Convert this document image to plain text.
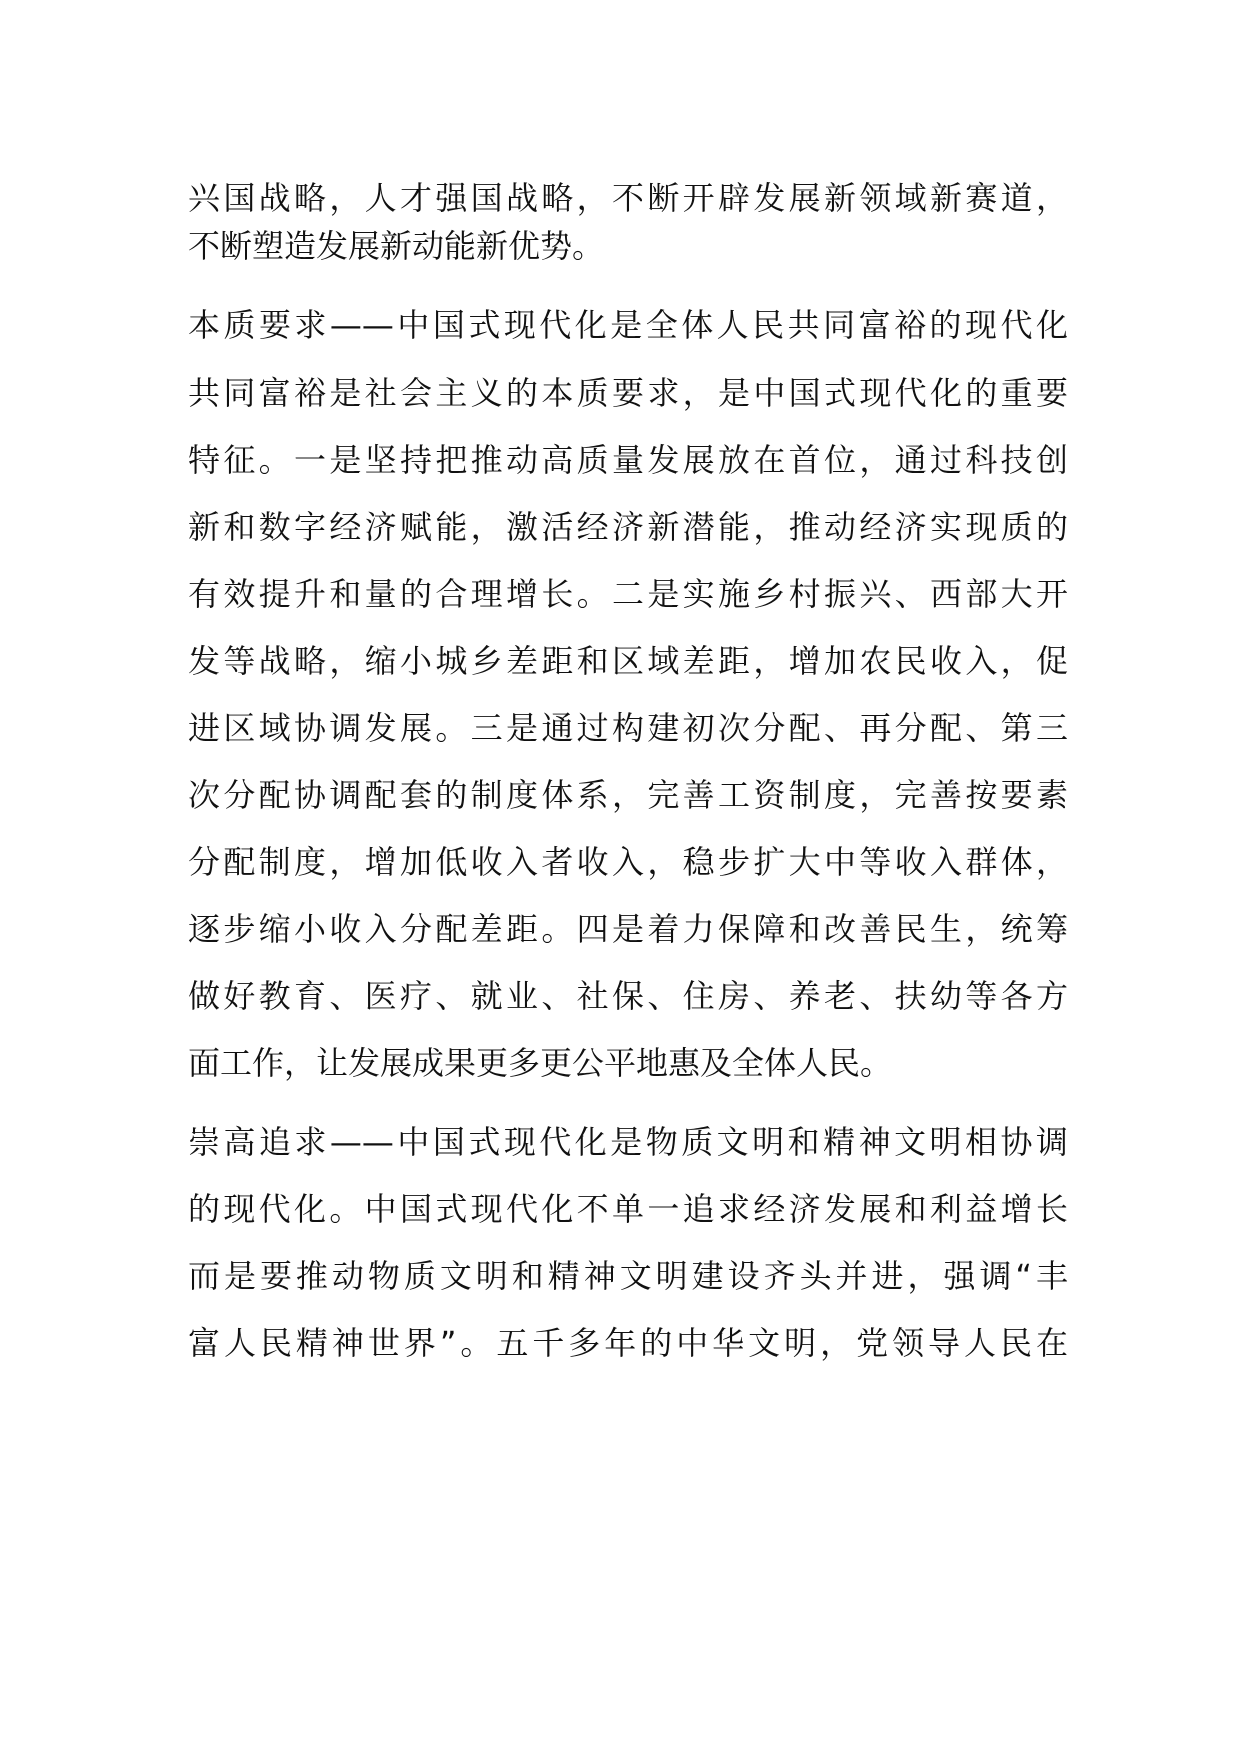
兴国战略，人才强国战略，不断开辟发展新领域新赛道，
不断塑造发展新动能新优势。
本质要求——中国式现代化是全体人民共同富裕的现代化
共同富裕是社会主义的本质要求，是中国式现代化的重要
特征。一是坚持把推动高质量发展放在首位，通过科技创
新和数字经济赋能，激活经济新潜能，推动经济实现质的
有效提升和量的合理增长。二是实施乡村振兴、西部大开
发等战略，缩小城乡差距和区域差距，增加农民收入，促
进区域协调发展。三是通过构建初次分配、再分配、第三
次分配协调配套的制度体系，完善工资制度，完善按要素
分配制度，增加低收入者收入，稳步扩大中等收入群体，
逐步缩小收入分配差距。四是着力保障和改善民生，统筹
做好教育、医疗、就业、社保、住房、养老、扶幼等各方
面工作，让发展成果更多更公平地惠及全体人民。
崇高追求——中国式现代化是物质文明和精神文明相协调
的现代化。中国式现代化不单一追求经济发展和利益增长
而是要推动物质文明和精神文明建设齐头并进，强调“丰
富人民精神世界”。五千多年的中华文明，党领导人民在
